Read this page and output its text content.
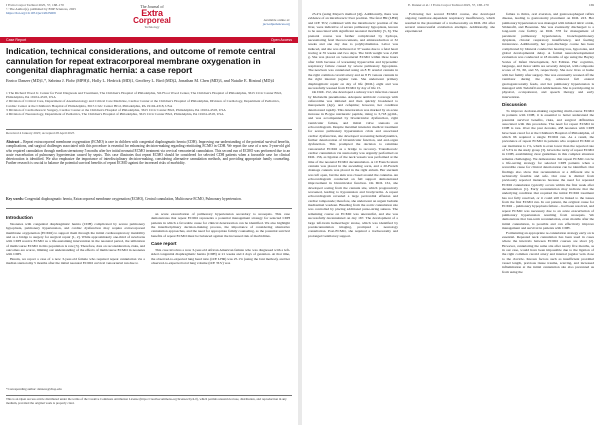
J Extra Corpor Technol 2025, 57, 168–170
© The Author(s), published by EDP Sciences, 2025
https://doi.org/10.1051/ject/2025009
The Journal of
Extra
Corporeal
Technology
Available online at:
ject.edpsciences.org
Case Report	Open Access
Indication, technical considerations, and outcome of remote central cannulation for repeat extracorporeal membrane oxygenation in congenital diaphragmatic hernia: a case report
Enrico Danzer (MD)1,*, Sabrina J. Flohr (MPH)1, Holly L. Hedrick (MD)1, Geoffrey L. Bird (MD)2, Jonathan M. Chen (MD)3, and Natalie E. Rintoul (MD)4
1 The Richard Wood Jr. Center for Fetal Diagnosis and Treatment, The Children's Hospital of Philadelphia, 5th Floor Wood Center, The Children's Hospital of Philadelphia, 3615 Civic Center Blvd, Philadelphia, PA 19104-4318, USA
2 Division of Critical Care, Department of Anesthesiology and Critical Care Medicine, Cardiac Center at the Children's Hospital of Philadelphia, Division of Cardiology, Department of Pediatrics, Cardiac Center at the Children's Hospital of Philadelphia, 3615 Civic Center Blvd, Philadelphia, PA 19104-4318, USA
3 Division of Cardiothoracic Surgery, Cardiac Center at the Children's Hospital of Philadelphia, 3615 Civic Center Blvd, Philadelphia, PA 19104-4318, USA
4 Division of Neonatology, Department of Pediatrics, The Children's Hospital of Philadelphia, 3615 Civic Center Blvd, Philadelphia, PA 19104-4318, USA
Received 4 January 2025; Accepted 28 April 2025
Abstract – Repeat extracorporeal membrane oxygenation (ECMO) is rare in children with congenital diaphragmatic hernia (CDH). Improving our understanding of the potential survival benefits, complications, and surgical challenges associated with this procedure is essential for enhancing decision-making regarding reinitiating ECMO in CDH. We report the case of a now 3-year-old girl who required cannulation through median sternotomy 5 months after her initial neonatal ECMO treatment via cervical venoarterial cannulation. This second run of ECMO was performed due to an acute exacerbation of pulmonary hypertension caused by sepsis. This case illustrates that repeat ECMO should be considered for selected CDH patients when a favorable case for clinical deterioration is identified. We also emphasize the importance of interdisciplinary decision-making, considering alternative cannulation methods, and providing appropriate family counseling. Further research is crucial to balance the potential survival benefits of repeat ECMO against the increased risks of morbidity.
Key words: Congenital diaphragmatic hernia, Extracorporeal membrane oxygenation (ECMO), Central cannulation, Multicourse ECMO, Pulmonary hypertension.
Introduction

Neonates with congenital diaphragmatic hernia (CDH) complicated by severe pulmonary hypoplasia, pulmonary hypertension, and cardiac dysfunction may require extracorporeal membrane oxygenation (ECMO) to support them through the initial cardiorespiratory instability and as a bridge to surgery for surgical repair [1, 2]. While approximately one-third of newborns with CDH receive ECMO as a life-sustaining intervention in the neonatal period, the utilization of multicourse ECMO in this population is rare [3]. Therefore, data on reconsideration, risks, and outcomes are scarce, limiting our understanding of the effects of multicourse ECMO in neonates with CDH.

Herein, we report a case of a now 3-year-old female who required repeat cannulation via a median sternotomy 5 months after the initial neonatal ECMO cervical venoarterial run due to

an acute exacerbation of pulmonary hypertension secondary to urosepsis. This case demonstrates that repeat ECMO represents a potential management strategy for selected CDH patients in which a favorable cause for clinical deterioration can be identified. We also highlight the interdisciplinary decision-making process, the importance of considering alternative cannulation approaches, and the need for appropriate family counseling, as the potential survival benefits of repeat ECMO must be balanced against the increased risk of morbidities.

Case report

This case involves a now 3-year-old African American female who was diagnosed with a left-sided congenital diaphragmatic hernia (CDH) at 21 weeks and 2 days of gestation. At that time, the observed-to-expected lung head ratio (O/E LHR) was 25.1% (using the Jani method), and her observed-to-expected total lung volume (O/E TLV) was

*Corresponding author: danzere@chop.edu
This is an Open Access article distributed under the terms of the Creative Commons Attribution License (https://creativecommons.org/licenses/by/4.0), which permits unrestricted use, distribution, and reproduction in any medium, provided the original work is properly cited.
E. Danzer et al.: J Extra Corpor Technol 2025, 57, 168–170	169

25.4% (using Meyer's method [4]). Additionally, there was evidence of an intrathoracic liver position. The fetal HR (LHR) and O/E TLV, combined with the intrathoracic position of the liver, were indicative of severe pulmonary hypoplasia, known to be associated with significant neonatal morbidity [5, 6]. The prenatal course was further complicated by hydrops, necessitating fetal thoracocentesis, and amnioreduction at 32 weeks and one day due to polyhydramnios. Labor was induced, and she was delivered at 37 weeks due to a fetal heart tracing at 35 weeks and two days. The birth weight was 2,190 g. She was placed on venoarterial ECMO within three hours after birth because of worsening hypercarbia and hypoxemic respiratory failure caused by severe pulmonary hypoplasia. The newborn was cannulated using an 8 Fr arterial cannula in the right common carotid artery and an 8 Fr venous cannula in the right internal jugular vein. She underwent primary diaphragmatic repair on day of life (DOL) eight and was successfully weaned from ECMO by day of life 15.

On DOL 152, she developed a urinary tract infection caused by Klebsiella pneumoniae. Adequate antibiotic coverage with cefuroxime was initiated and then quickly broadened to meropenem (4gr), and cefepime; however, her condition deteriorated rapidly. This deterioration was marked by an acute increase in B-type natriuretic peptide, rising to 3,718 pg/mL, and was accompanied by biventricular dysfunction, right ventricular failure, and mitral valve stenosis on echocardiogram. Despite maximal intensive medical treatment for severe pulmonary hypertension crisis and associated cardiac dysfunction, she developed worsening hemodynamics, further deterioration of biventricular function, and end-organ dysfunction. This prompted the decision to reinitiate venoarterial ECMO as a bridge to recovery. Transthoracic cardiac cannulation via sternotomy was urgently performed on DOL 156, as ligation of the neck vessels was performed at the time of the neonatal ECMO decannulation. A 10 French return cannula was placed in the ascending aorta, and a 20-French drainage cannula was placed in the right atrium. Her sternum was left open, but the skin was closed around the cannulas. An echocardiogram conducted on full support demonstrated improvement in biventricular function. On DOL 161, she developed oozing from the cannula site, which progressively worsened, leading to hypotension and bradycardia. A repeat echocardiogram revealed a large pericardial effusion and cardiac tamponade; therefore, she underwent an urgent bedside mediastinal washout. Bleeding from the aortic cannulation site was controlled by placing additional purse-string sutures. The remaining course on ECMO was uneventful, and she was successfully decannulated on day 167. The development of a large left-brain hemorrhagic stroke, which was identified by postdecannulation imaging, prompted a neurology consultation. Post-ECMO, she required a tracheostomy and prolonged ventilatory support.

Following her second ECMO course, she developed ongoing ventilator-dependent respiratory insufficiency, which resulted in the placement of a tracheostomy on DOL 261 after several unsuccessful extubation attempts. Additionally, she experienced

failure to thrive, oral aversion, and gastroesophageal reflux disease, leading to gastrostomy placement on DOL 223. Her pulmonary hypertension was managed with inhaled nitric oxide, Sildenafil, and Bosentan. She was eventually discharged to a long-term care facility on DOL 378 for management of persistent pulmonary hypertension, bronchopulmonary dysplasia, chronic respiratory insufficiency, and feeding intolerance. Additionally, her post-discharge course has been complicated by bilateral conductive hearing loss, hypotonia, and global developmental delay. A formal neurodevelopmental evaluation was conducted at 18 months of age using the Bayley Scales of Infant Development, 3rd Edition. Her cognitive, language, and motor skills are severely delayed, with composite scores of 55, 60, and 55, respectively. She now lives at home with her family after surgery. She was eventually weaned off the ventilator during the day, achieved full enteral gastrogastrostomy feeds, and her pulmonary hypertension is managed with Tadalafil and Ambrisentan. She is participating in physical, occupational, and speech therapy and early intervention.

Discussion

To improve decision-making regarding multi-course ECMO in patients with CDH, it is essential to better understand the potential survival benefits, risks, and surgical difficulties associated with this procedure. The need for repeat ECMO in CDH is rare. Over the past decades, 438 neonates with CDH have been cared for at the Children's Hospital of Philadelphia, of which 96 required a single ECMO run. As a result, the prevalence of repeat ECMO in patients who required ECMO at our institution is 1%, which is even lower than the reported rate of 5.3% in the study group [3]. Given the rarity of repeat ECMO in CDH, establishing clear guidelines in this complex situation remains challenging. We demonstrate that repeat ECMO can be a life-saving strategy for selected CDH patients when a reversible cause for clinical deterioration can be identified. Our findings also show that recannulation at a different site is technically feasible and safe. Our case is distinct from previously reported instances because the need for repeated ECMO cannulation typically occurs within the first week after decannulation [1]. Early recannulation may indicate that the underlying condition that required the initial ECMO treatment has not fully resolved, or it could still be linked to the issues from the first ECMO run. In our patient, the original cause for ECMO – pulmonary hypoplasia failure – had been resolved, and repeat ECMO was necessary due to an acute exacerbation of pulmonary hypertension resulting from urosepsis. We demonstrate that late-term recannulation, even months after the initial cannulation, is possible and can effectively improve management and survival in patients with CDH.

Formulating an appropriate re-cannulation strategy early on is essential. Repeated neck cannulation has been used in cases where the intervals between ECMO courses are short [2]. However, cannulating the same site after nearly five months, as in our case, would have been impossible due to the ligation of the right common carotid artery and internal jugular vein close to the clavicle. Known factors such as insufficient proximal vessel length, previous tissue trauma, scarring, and increased inflammation at the initial cannulation site also prevented us from using the
